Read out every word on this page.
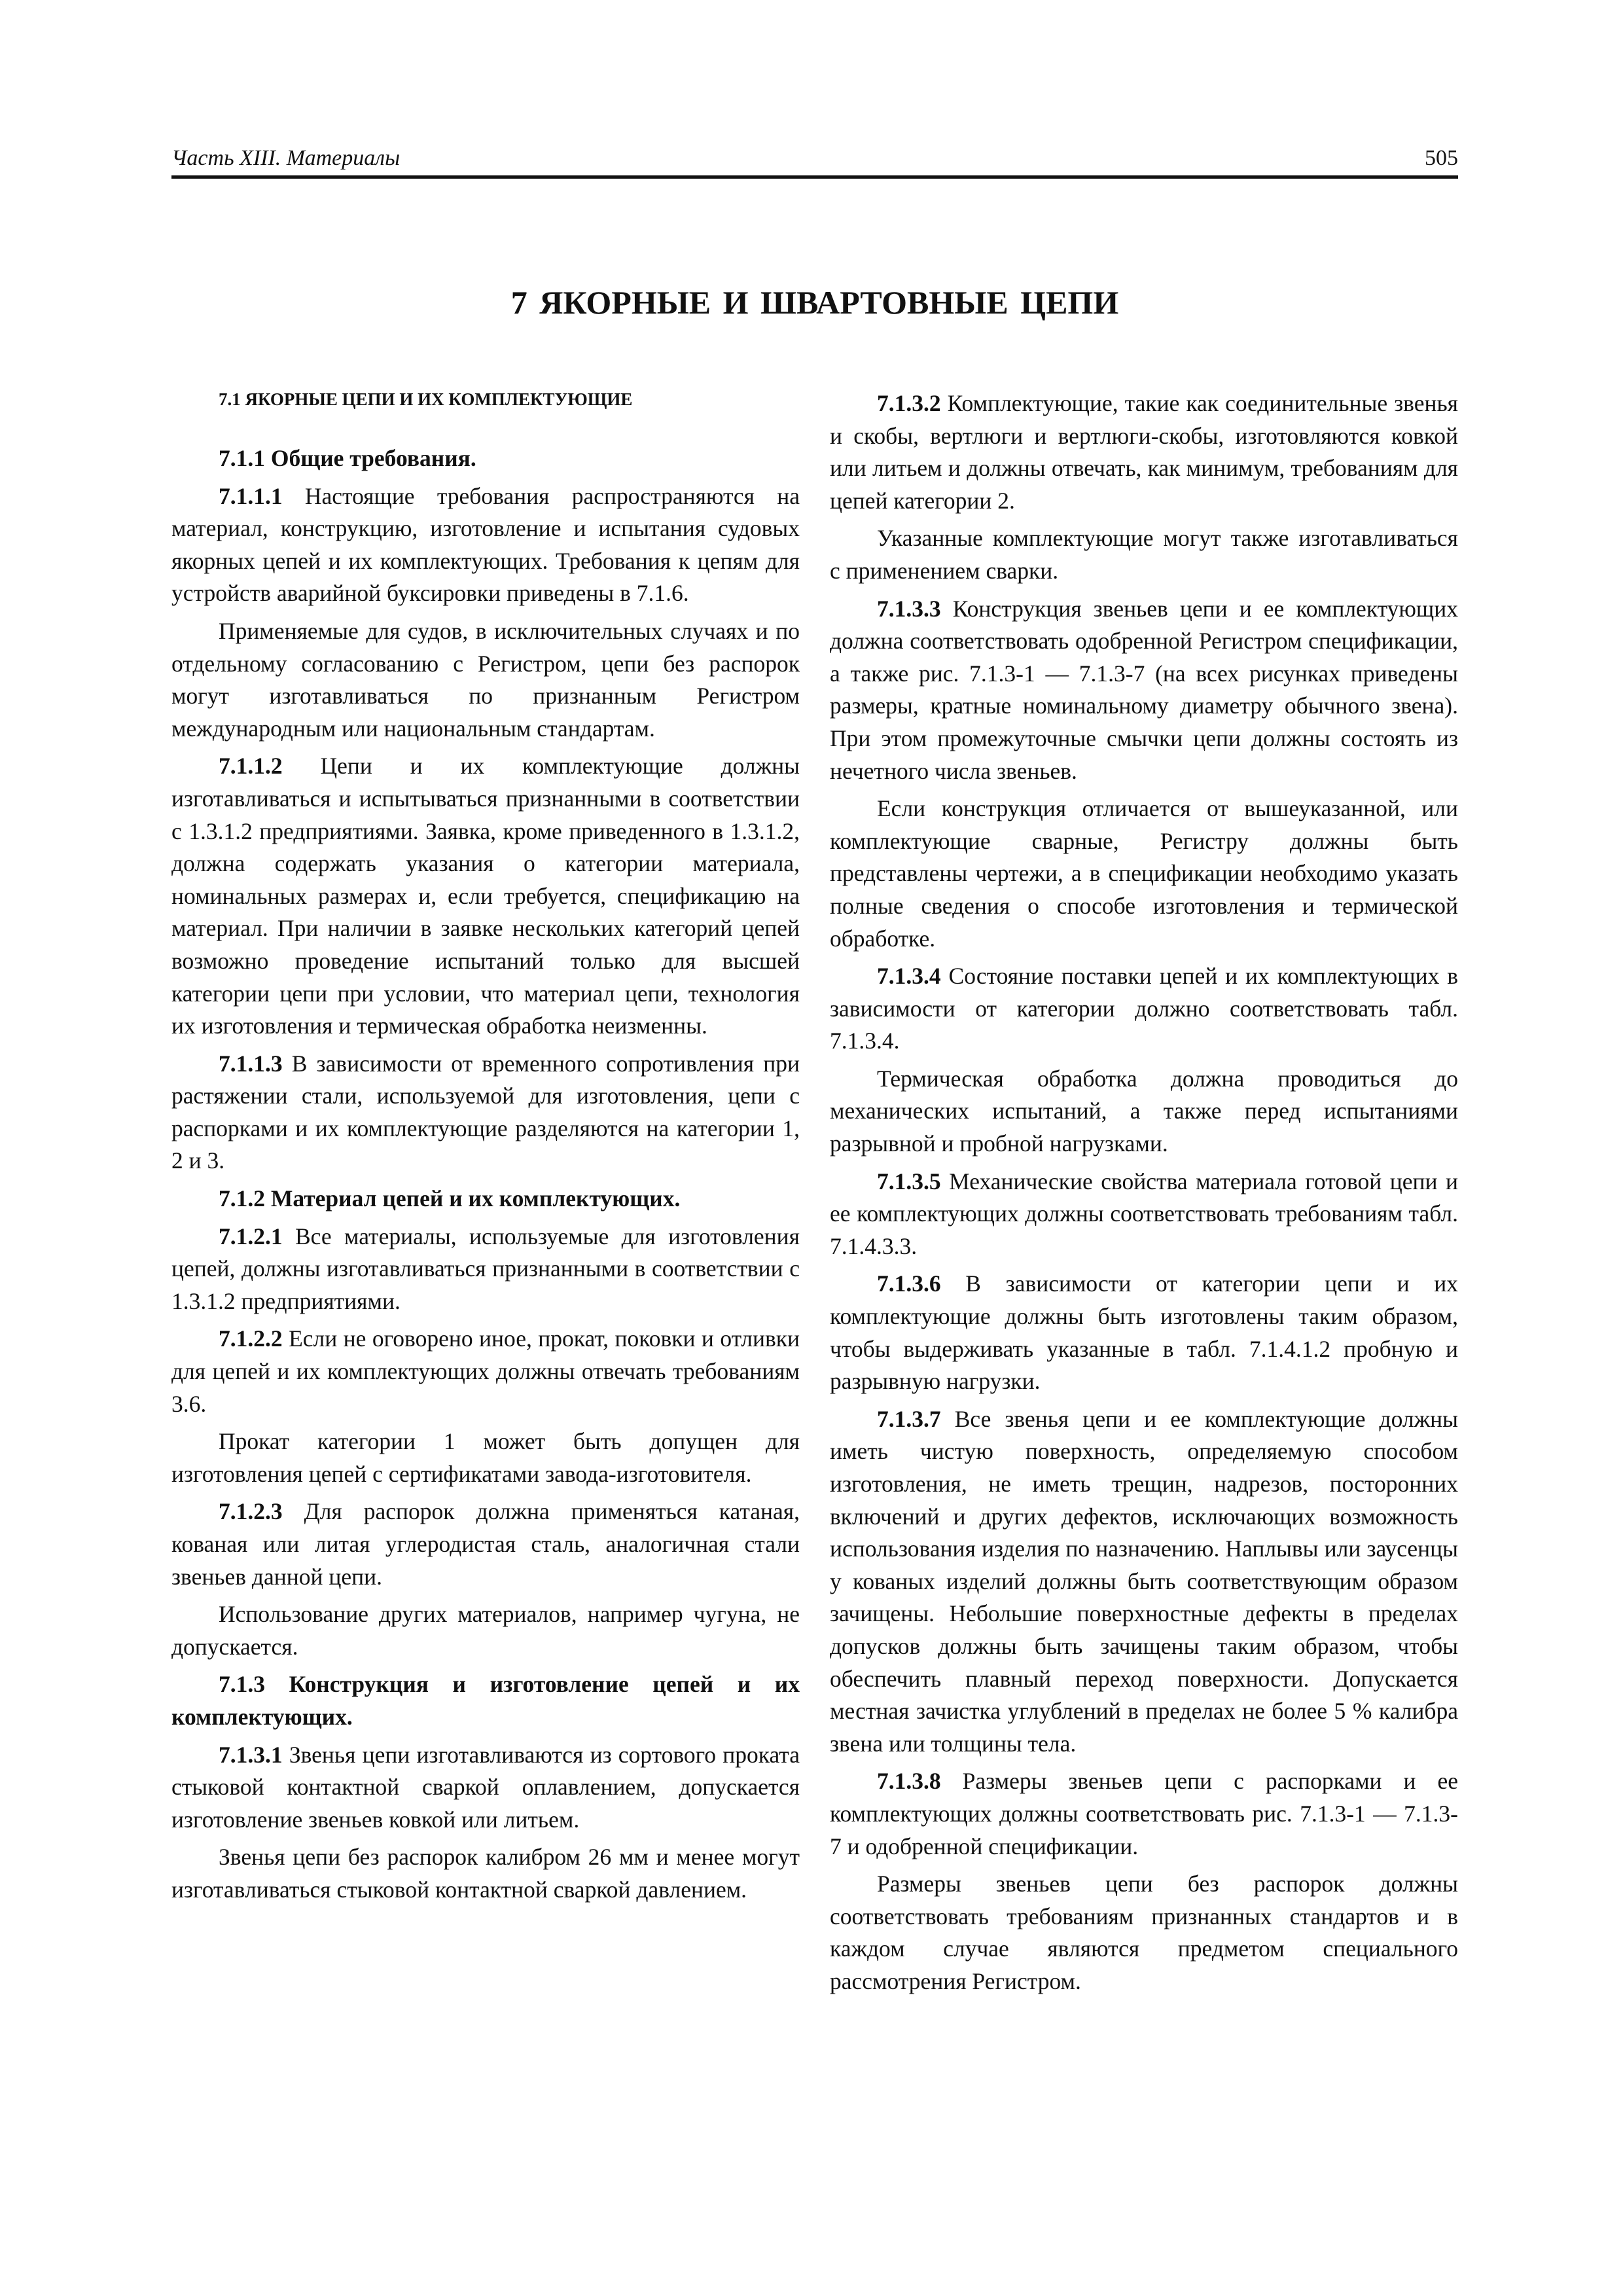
Часть XIII. Материалы	505
7 ЯКОРНЫЕ И ШВАРТОВНЫЕ ЦЕПИ

7.1 ЯКОРНЫЕ ЦЕПИ И ИХ КОМПЛЕКТУЮЩИЕ

7.1.1 Общие требования.

7.1.1.1 Настоящие требования распространяются на материал, конструкцию, изготовление и испытания судовых якорных цепей и их комплектующих. Требования к цепям для устройств аварийной буксировки приведены в 7.1.6.

Применяемые для судов, в исключительных случаях и по отдельному согласованию с Регистром, цепи без распорок могут изготавливаться по признанным Регистром международным или национальным стандартам.

7.1.1.2 Цепи и их комплектующие должны изготавливаться и испытываться признанными в соответствии с 1.3.1.2 предприятиями. Заявка, кроме приведенного в 1.3.1.2, должна содержать указания о категории материала, номинальных размерах и, если требуется, спецификацию на материал. При наличии в заявке нескольких категорий цепей возможно проведение испытаний только для высшей категории цепи при условии, что материал цепи, технология их изготовления и термическая обработка неизменны.

7.1.1.3 В зависимости от временного сопротивления при растяжении стали, используемой для изготовления, цепи с распорками и их комплектующие разделяются на категории 1, 2 и 3.

7.1.2 Материал цепей и их комплектующих.

7.1.2.1 Все материалы, используемые для изготовления цепей, должны изготавливаться признанными в соответствии с 1.3.1.2 предприятиями.

7.1.2.2 Если не оговорено иное, прокат, поковки и отливки для цепей и их комплектующих должны отвечать требованиям 3.6.

Прокат категории 1 может быть допущен для изготовления цепей с сертификатами завода-изготовителя.

7.1.2.3 Для распорок должна применяться катаная, кованая или литая углеродистая сталь, аналогичная стали звеньев данной цепи.

Использование других материалов, например чугуна, не допускается.

7.1.3 Конструкция и изготовление цепей и их комплектующих.

7.1.3.1 Звенья цепи изготавливаются из сортового проката стыковой контактной сваркой оплавлением, допускается изготовление звеньев ковкой или литьем.

Звенья цепи без распорок калибром 26 мм и менее могут изготавливаться стыковой контактной сваркой давлением.

7.1.3.2 Комплектующие, такие как соединительные звенья и скобы, вертлюги и вертлюги-скобы, изготовляются ковкой или литьем и должны отвечать, как минимум, требованиям для цепей категории 2.

Указанные комплектующие могут также изготавливаться с применением сварки.

7.1.3.3 Конструкция звеньев цепи и ее комплектующих должна соответствовать одобренной Регистром спецификации, а также рис. 7.1.3-1 — 7.1.3-7 (на всех рисунках приведены размеры, кратные номинальному диаметру обычного звена). При этом промежуточные смычки цепи должны состоять из нечетного числа звеньев.

Если конструкция отличается от вышеуказанной, или комплектующие сварные, Регистру должны быть представлены чертежи, а в спецификации необходимо указать полные сведения о способе изготовления и термической обработке.

7.1.3.4 Состояние поставки цепей и их комплектующих в зависимости от категории должно соответствовать табл. 7.1.3.4.

Термическая обработка должна проводиться до механических испытаний, а также перед испытаниями разрывной и пробной нагрузками.

7.1.3.5 Механические свойства материала готовой цепи и ее комплектующих должны соответствовать требованиям табл. 7.1.4.3.3.

7.1.3.6 В зависимости от категории цепи и их комплектующие должны быть изготовлены таким образом, чтобы выдерживать указанные в табл. 7.1.4.1.2 пробную и разрывную нагрузки.

7.1.3.7 Все звенья цепи и ее комплектующие должны иметь чистую поверхность, определяемую способом изготовления, не иметь трещин, надрезов, посторонних включений и других дефектов, исключающих возможность использования изделия по назначению. Наплывы или заусенцы у кованых изделий должны быть соответствующим образом зачищены. Небольшие поверхностные дефекты в пределах допусков должны быть зачищены таким образом, чтобы обеспечить плавный переход поверхности. Допускается местная зачистка углублений в пределах не более 5 % калибра звена или толщины тела.

7.1.3.8 Размеры звеньев цепи с распорками и ее комплектующих должны соответствовать рис. 7.1.3-1 — 7.1.3-7 и одобренной спецификации.

Размеры звеньев цепи без распорок должны соответствовать требованиям признанных стандартов и в каждом случае являются предметом специального рассмотрения Регистром.
